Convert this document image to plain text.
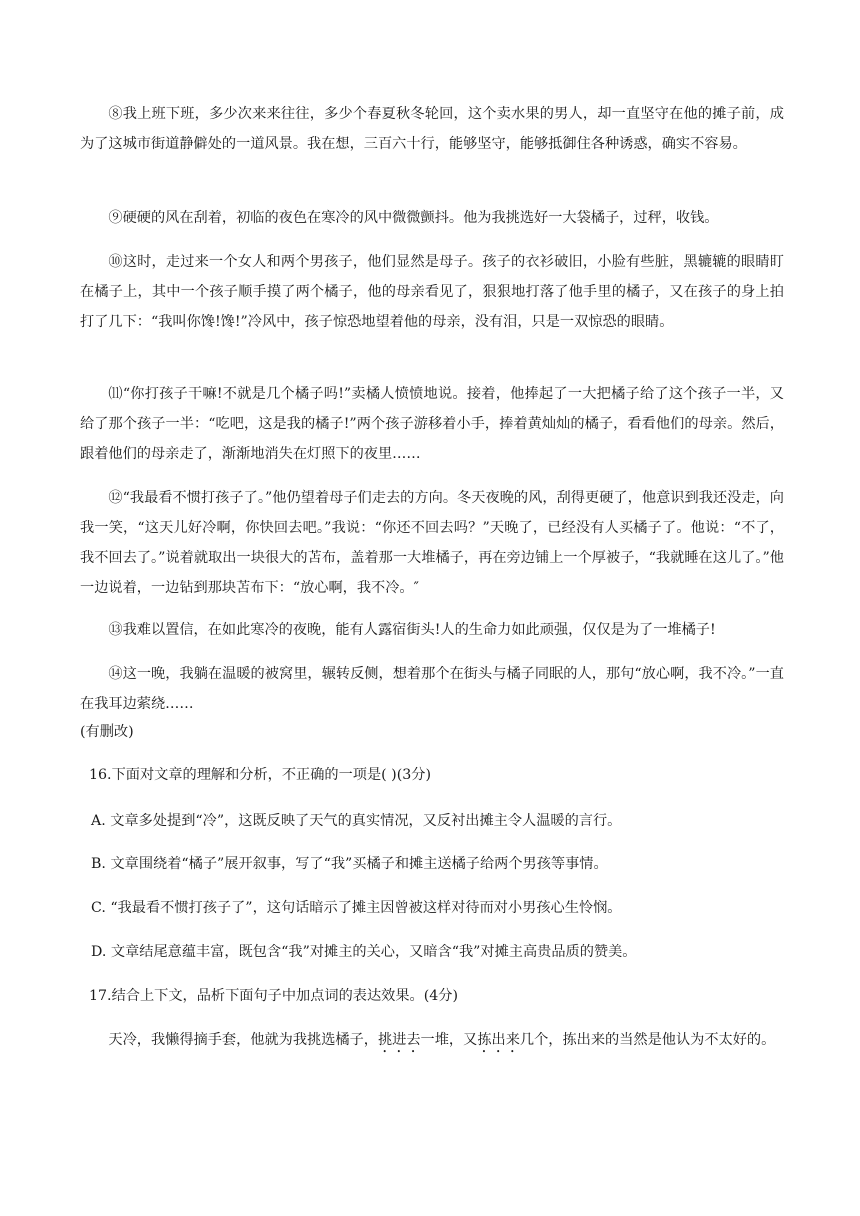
⑧我上班下班，多少次来来往往，多少个春夏秋冬轮回，这个卖水果的男人，却一直坚守在他的摊子前，成为了这城市街道静僻处的一道风景。我在想，三百六十行，能够坚守，能够抵御住各种诱惑，确实不容易。

⑨硬硬的风在刮着，初临的夜色在寒冷的风中微微颤抖。他为我挑选好一大袋橘子，过秤，收钱。

⑩这时，走过来一个女人和两个男孩子，他们显然是母子。孩子的衣衫破旧，小脸有些脏，黑辘辘的眼睛盯在橘子上，其中一个孩子顺手摸了两个橘子，他的母亲看见了，狠狠地打落了他手里的橘子，又在孩子的身上拍打了几下：“我叫你馋!馋!”冷风中，孩子惊恐地望着他的母亲，没有泪，只是一双惊恐的眼睛。

⑾“你打孩子干嘛!不就是几个橘子吗!”卖橘人愤愤地说。接着，他捧起了一大把橘子给了这个孩子一半，又给了那个孩子一半：“吃吧，这是我的橘子!”两个孩子游移着小手，捧着黄灿灿的橘子，看看他们的母亲。然后，跟着他们的母亲走了，渐渐地消失在灯照下的夜里……

⑫“我最看不惯打孩子了。”他仍望着母子们走去的方向。冬天夜晚的风，刮得更硬了，他意识到我还没走，向我一笑，“这天儿好冷啊，你快回去吧。”我说：“你还不回去吗？”天晚了，已经没有人买橘子了。他说：“不了，我不回去了。”说着就取出一块很大的苫布，盖着那一大堆橘子，再在旁边铺上一个厚被子，“我就睡在这儿了。”他一边说着，一边钻到那块苫布下：“放心啊，我不冷。″

⑬我难以置信，在如此寒冷的夜晚，能有人露宿街头!人的生命力如此顽强，仅仅是为了一堆橘子!

⑭这一晚，我躺在温暖的被窝里，辗转反侧，想着那个在街头与橘子同眠的人，那句“放心啊，我不冷。”一直在我耳边萦绕……

(有删改)

16.下面对文章的理解和分析，不正确的一项是( )(3分)

A. 文章多处提到“冷”，这既反映了天气的真实情况，又反衬出摊主令人温暖的言行。

B. 文章围绕着“橘子”展开叙事，写了“我”买橘子和摊主送橘子给两个男孩等事情。

C. “我最看不惯打孩子了”，这句话暗示了摊主因曾被这样对待而对小男孩心生怜悯。

D. 文章结尾意蕴丰富，既包含“我”对摊主的关心，又暗含“我”对摊主高贵品质的赞美。

17.结合上下文，品析下面句子中加点词的表达效果。(4分)

天冷，我懒得摘手套，他就为我挑选橘子，挑进去一堆，又拣出来几个，拣出来的当然是他认为不太好的。
